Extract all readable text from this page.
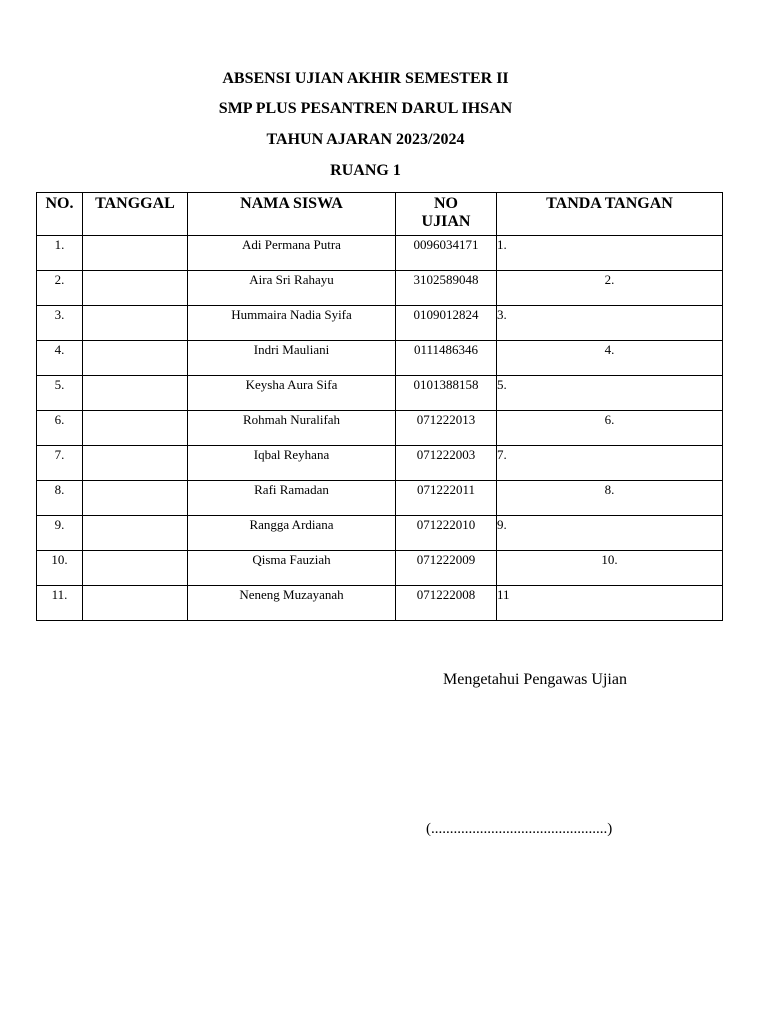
ABSENSI UJIAN AKHIR SEMESTER II
SMP PLUS PESANTREN DARUL IHSAN
TAHUN AJARAN 2023/2024
RUANG 1
NO.	TANGGAL	NAMA SISWA	NO UJIAN	TANDA TANGAN
1.		Adi Permana Putra	0096034171	1.
2.		Aira Sri Rahayu	3102589048	2.
3.		Hummaira Nadia Syifa	0109012824	3.
4.		Indri Mauliani	0111486346	4.
5.		Keysha Aura Sifa	0101388158	5.
6.		Rohmah Nuralifah	071222013	6.
7.		Iqbal Reyhana	071222003	7.
8.		Rafi Ramadan	071222011	8.
9.		Rangga Ardiana	071222010	9.
10.		Qisma Fauziah	071222009	10.
11.		Neneng Muzayanah	071222008	11
Mengetahui Pengawas Ujian
(...............................................)
